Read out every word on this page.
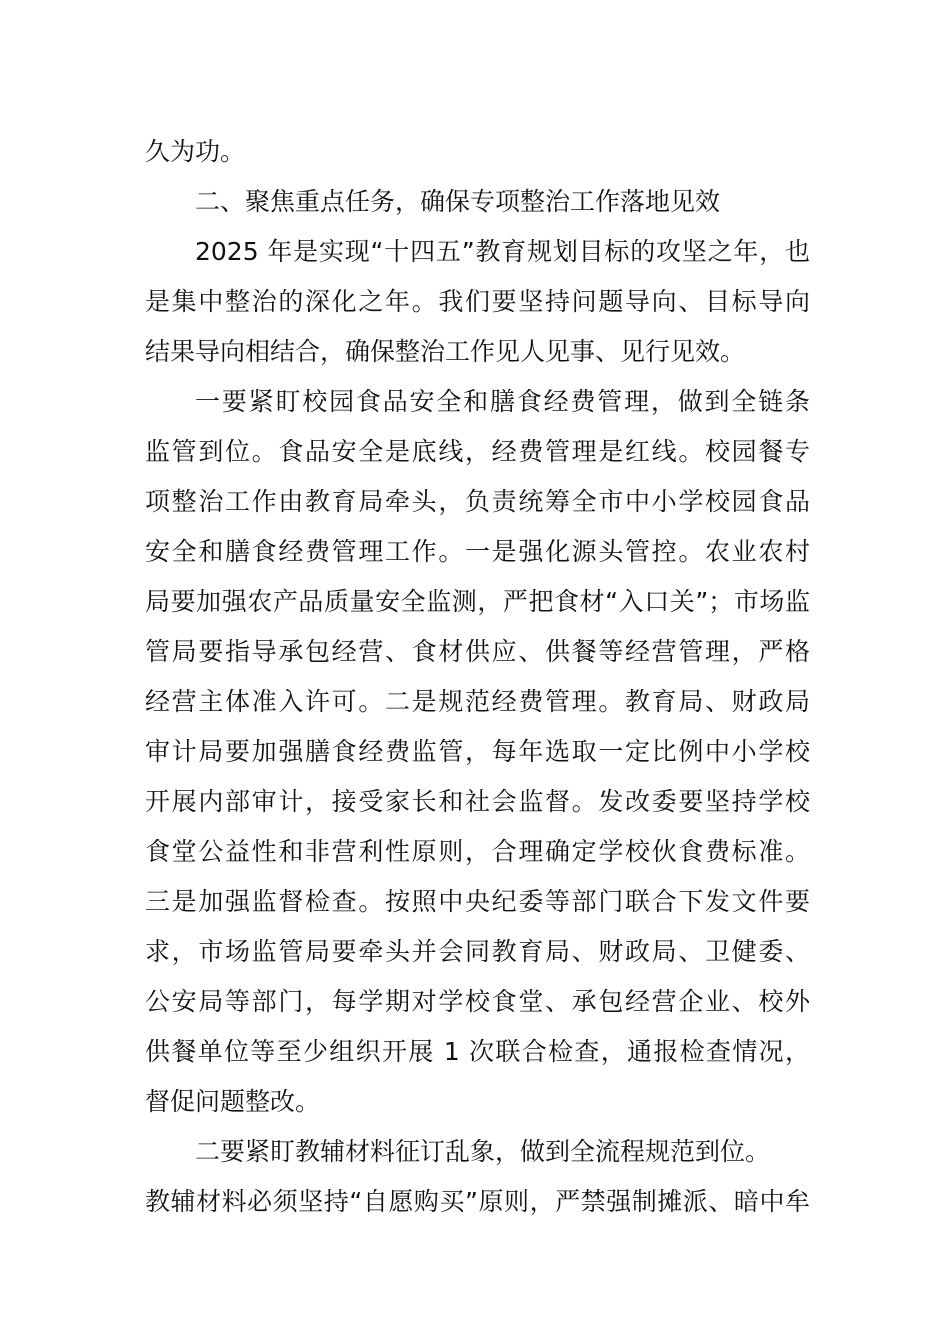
久为功。
二、聚焦重点任务，确保专项整治工作落地见效
2025 年是实现“十四五”教育规划目标的攻坚之年，也
是集中整治的深化之年。我们要坚持问题导向、目标导向
结果导向相结合，确保整治工作见人见事、见行见效。
一要紧盯校园食品安全和膳食经费管理，做到全链条
监管到位。食品安全是底线，经费管理是红线。校园餐专
项整治工作由教育局牵头，负责统筹全市中小学校园食品
安全和膳食经费管理工作。一是强化源头管控。农业农村
局要加强农产品质量安全监测，严把食材“入口关”；市场监
管局要指导承包经营、食材供应、供餐等经营管理，严格
经营主体准入许可。二是规范经费管理。教育局、财政局
审计局要加强膳食经费监管，每年选取一定比例中小学校
开展内部审计，接受家长和社会监督。发改委要坚持学校
食堂公益性和非营利性原则，合理确定学校伙食费标准。
三是加强监督检查。按照中央纪委等部门联合下发文件要
求，市场监管局要牵头并会同教育局、财政局、卫健委、
公安局等部门，每学期对学校食堂、承包经营企业、校外
供餐单位等至少组织开展 1 次联合检查，通报检查情况，
督促问题整改。
二要紧盯教辅材料征订乱象，做到全流程规范到位。
教辅材料必须坚持“自愿购买”原则，严禁强制摊派、暗中牟
